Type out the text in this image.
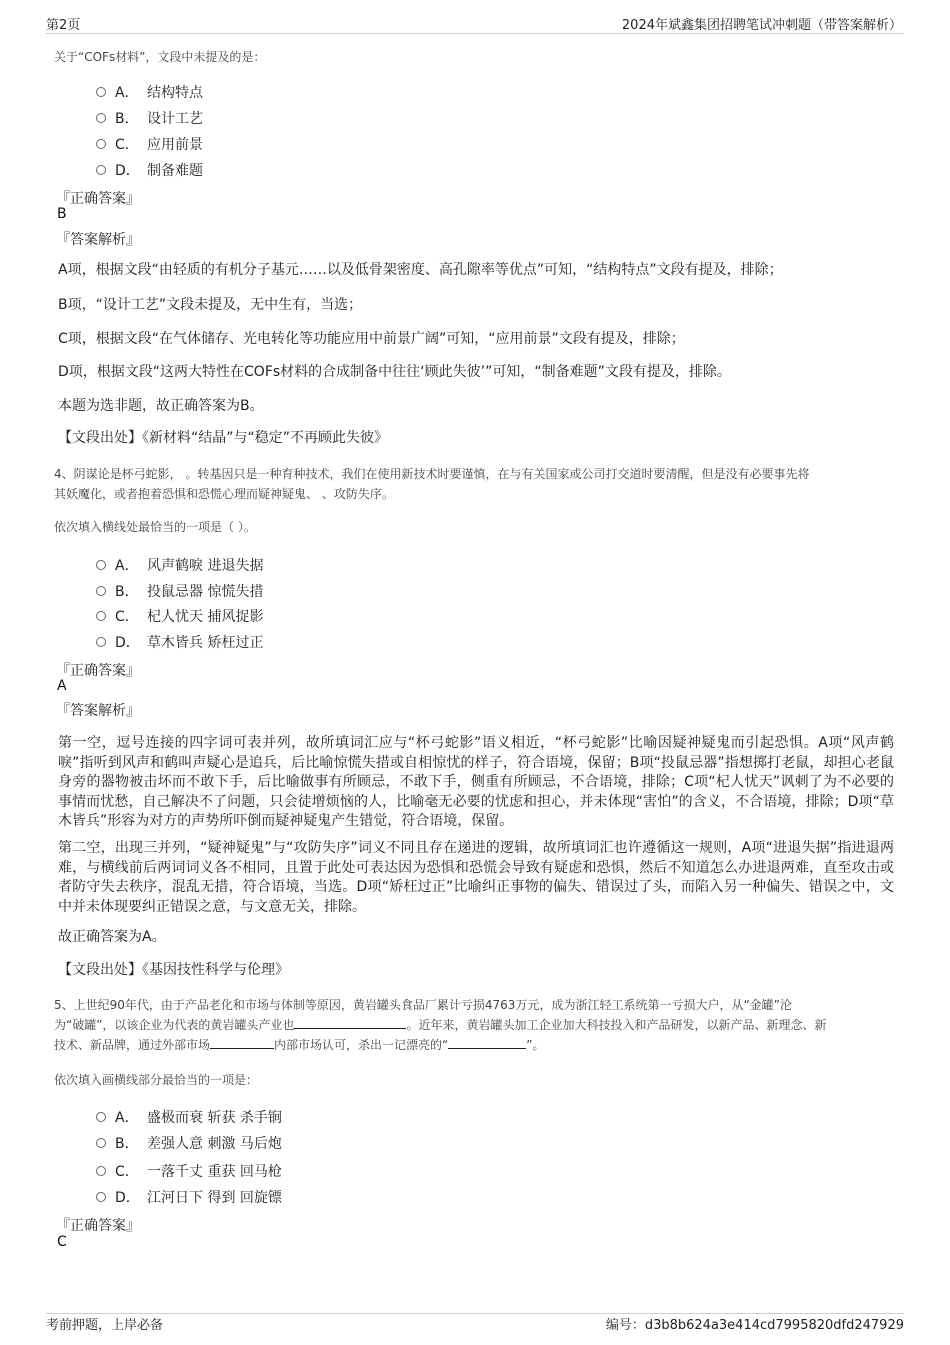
第2页	2024年斌鑫集团招聘笔试冲刺题（带答案解析）
关于“COFs材料”，文段中未提及的是：
A． 结构特点
B． 设计工艺
C． 应用前景
D． 制备难题
『正确答案』
B
『答案解析』
A项，根据文段“由轻质的有机分子基元……以及低骨架密度、高孔隙率等优点”可知，“结构特点”文段有提及，排除；
B项，“设计工艺”文段未提及，无中生有，当选；
C项，根据文段“在气体储存、光电转化等功能应用中前景广阔”可知，“应用前景”文段有提及，排除；
D项，根据文段“这两大特性在COFs材料的合成制备中往往‘顾此失彼’”可知，“制备难题”文段有提及，排除。
本题为选非题，故正确答案为B。
【文段出处】《新材料“结晶”与“稳定”不再顾此失彼》
4、阴谋论是杯弓蛇影， 。转基因只是一种育种技术，我们在使用新技术时要谨慎，在与有关国家或公司打交道时要清醒，但是没有必要事先将
其妖魔化，或者抱着恐惧和恐慌心理而疑神疑鬼、 、攻防失序。
依次填入横线处最恰当的一项是（ ）。
A． 风声鹤唳 进退失据
B． 投鼠忌器 惊慌失措
C． 杞人忧天 捕风捉影
D． 草木皆兵 矫枉过正
『正确答案』
A
『答案解析』
第一空，逗号连接的四字词可表并列，故所填词汇应与“杯弓蛇影”语义相近，“杯弓蛇影”比喻因疑神疑鬼而引起恐惧。A项“风声鹤唳”指听到风声和鹤叫声疑心是追兵，后比喻惊慌失措或自相惊忧的样子，符合语境，保留；B项“投鼠忌器”指想掷打老鼠，却担心老鼠身旁的器物被击坏而不敢下手，后比喻做事有所顾忌，不敢下手，侧重有所顾忌，不合语境，排除；C项“杞人忧天”讽刺了为不必要的事情而忧愁，自己解决不了问题，只会徒增烦恼的人，比喻毫无必要的忧虑和担心，并未体现“害怕”的含义，不合语境，排除；D项“草木皆兵”形容为对方的声势所吓倒而疑神疑鬼产生错觉，符合语境，保留。
第二空，出现三并列，“疑神疑鬼”与“攻防失序”词义不同且存在递进的逻辑，故所填词汇也许遵循这一规则，A项“进退失据”指进退两难，与横线前后两词词义各不相同，且置于此处可表达因为恐惧和恐慌会导致有疑虑和恐惧，然后不知道怎么办进退两难，直至攻击或者防守失去秩序，混乱无措，符合语境，当选。D项“矫枉过正”比喻纠正事物的偏失、错误过了头，而陷入另一种偏失、错误之中，文中并未体现要纠正错误之意，与文意无关，排除。
故正确答案为A。
【文段出处】《基因技性科学与伦理》
5、上世纪90年代，由于产品老化和市场与体制等原因，黄岩罐头食品厂累计亏损4763万元，成为浙江轻工系统第一亏损大户，从“金罐”沦
为“破罐”，以该企业为代表的黄岩罐头产业也	。近年来，黄岩罐头加工企业加大科技投入和产品研发，以新产品、新理念、新
技术、新品牌，通过外部市场	内部市场认可，杀出一记漂亮的“	”。
依次填入画横线部分最恰当的一项是：
A． 盛极而衰 斩获 杀手锏
B． 差强人意 刺激 马后炮
C． 一落千丈 重获 回马枪
D． 江河日下 得到 回旋镖
『正确答案』
C
考前押题，上岸必备	编号：d3b8b624a3e414cd7995820dfd247929
